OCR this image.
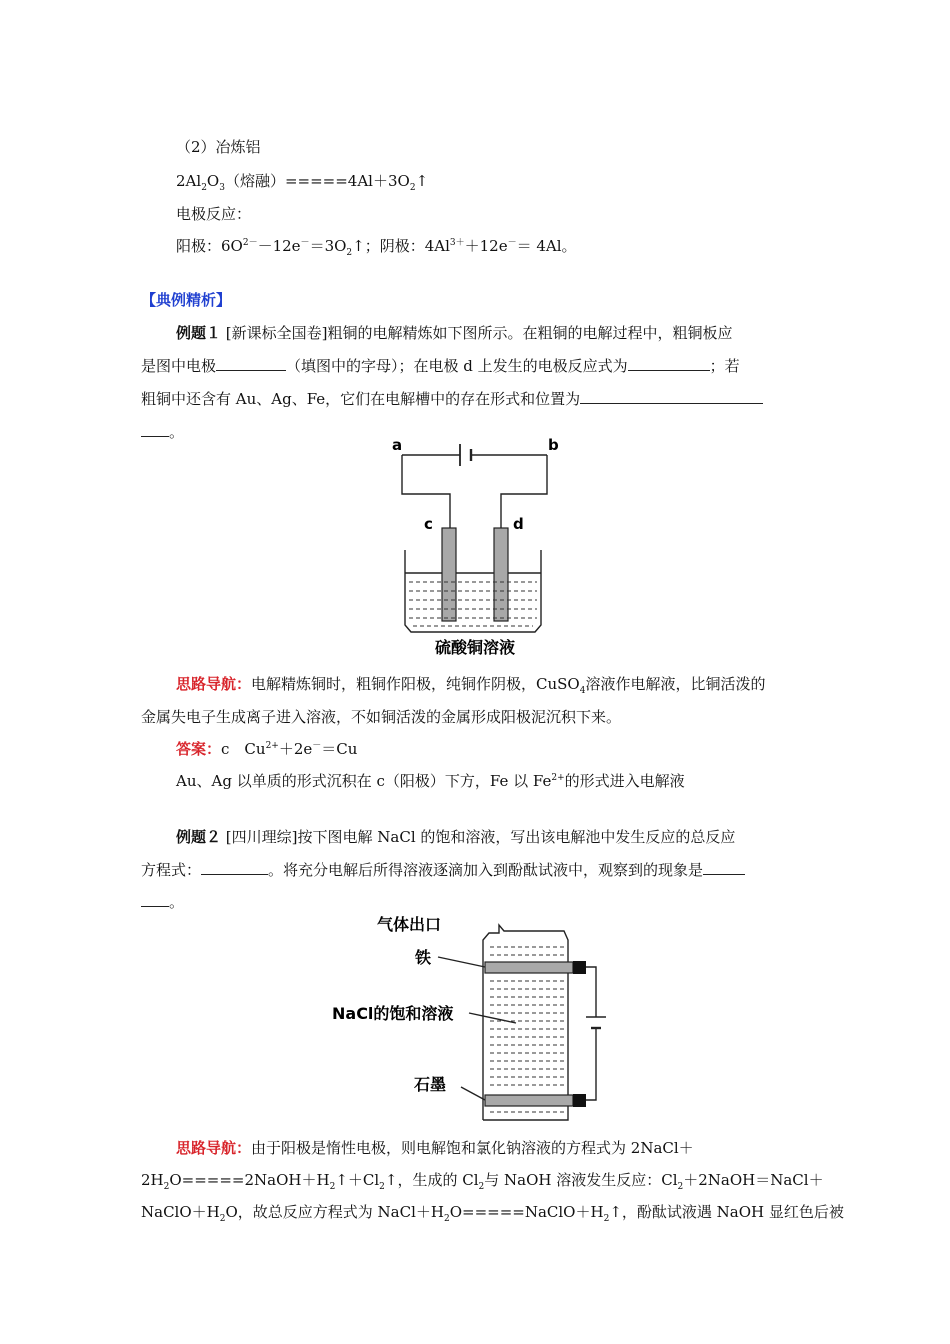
（2）冶炼铝
$2Al_2O_3$（熔融）$=====4Al+3O_2↑$
电极反应：
阳极：$6O^{2-}-12e^-=3O_2↑$；阴极：$4Al^{3+}+12e^-= 4Al$。
【典例精析】
例题１ [新课标全国卷]粗铜的电解精炼如下图所示。在粗铜的电解过程中，粗铜板应
是图中电极	（填图中的字母）；在电极 d 上发生的电极反应式为	；若
粗铜中还含有 Au、Ag、Fe，它们在电解槽中的存在形式和位置为
。
a	b
c	d
硫酸铜溶液
思路导航：电解精炼铜时，粗铜作阳极，纯铜作阴极，CuSO$_4$溶液作电解液，比铜活泼的
金属失电子生成离子进入溶液，不如铜活泼的金属形成阳极泥沉积下来。
答案：c　$Cu^{2+}+2e^-=Cu$
Au、Ag 以单质的形式沉积在 c（阳极）下方，Fe 以 $Fe^{2+}$的形式进入电解液
例题２ [四川理综]按下图电解 NaCl 的饱和溶液，写出该电解池中发生反应的总反应
方程式：	。将充分电解后所得溶液逐滴加入到酚酞试液中，观察到的现象是
。
气体出口
铁
NaCl的饱和溶液
石墨
思路导航：由于阳极是惰性电极，则电解饱和氯化钠溶液的方程式为 2NaCl＋
$2H_2O=====2NaOH+H_2↑+Cl_2↑$，生成的 $Cl_2$与 NaOH 溶液发生反应：$Cl_2+2NaOH=NaCl+$
$NaClO+H_2O$，故总反应方程式为 $NaCl+H_2O=====NaClO+H_2↑$，酚酞试液遇 NaOH 显红色后被
